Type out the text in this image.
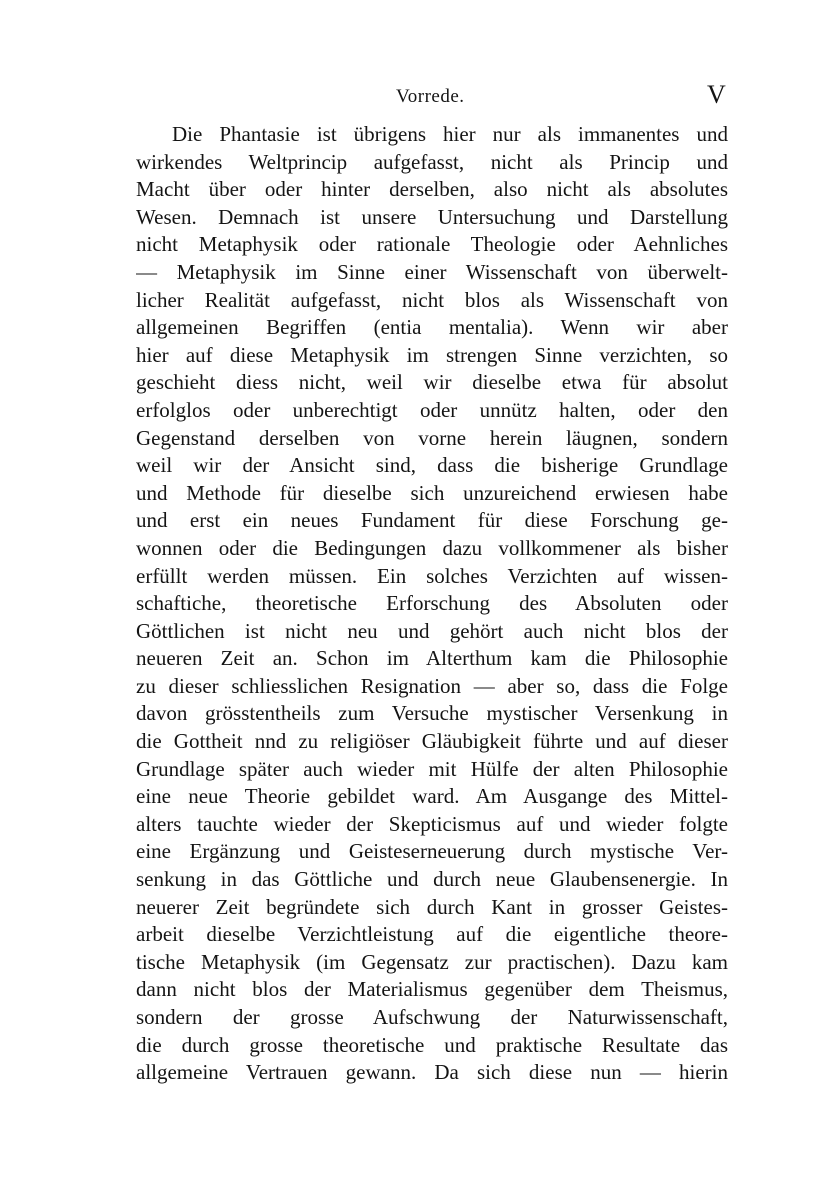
Vorrede.	V
Die Phantasie ist übrigens hier nur als immanentes und
wirkendes Weltprincip aufgefasst, nicht als Princip und
Macht über oder hinter derselben, also nicht als absolutes
Wesen. Demnach ist unsere Untersuchung und Darstellung
nicht Metaphysik oder rationale Theologie oder Aehnliches
— Metaphysik im Sinne einer Wissenschaft von überwelt-
licher Realität aufgefasst, nicht blos als Wissenschaft von
allgemeinen Begriffen (entia mentalia). Wenn wir aber
hier auf diese Metaphysik im strengen Sinne verzichten, so
geschieht diess nicht, weil wir dieselbe etwa für absolut
erfolglos oder unberechtigt oder unnütz halten, oder den
Gegenstand derselben von vorne herein läugnen, sondern
weil wir der Ansicht sind, dass die bisherige Grundlage
und Methode für dieselbe sich unzureichend erwiesen habe
und erst ein neues Fundament für diese Forschung ge-
wonnen oder die Bedingungen dazu vollkommener als bisher
erfüllt werden müssen. Ein solches Verzichten auf wissen-
schaftiche, theoretische Erforschung des Absoluten oder
Göttlichen ist nicht neu und gehört auch nicht blos der
neueren Zeit an. Schon im Alterthum kam die Philosophie
zu dieser schliesslichen Resignation — aber so, dass die Folge
davon grösstentheils zum Versuche mystischer Versenkung in
die Gottheit nnd zu religiöser Gläubigkeit führte und auf dieser
Grundlage später auch wieder mit Hülfe der alten Philosophie
eine neue Theorie gebildet ward. Am Ausgange des Mittel-
alters tauchte wieder der Skepticismus auf und wieder folgte
eine Ergänzung und Geisteserneuerung durch mystische Ver-
senkung in das Göttliche und durch neue Glaubensenergie. In
neuerer Zeit begründete sich durch Kant in grosser Geistes-
arbeit dieselbe Verzichtleistung auf die eigentliche theore-
tische Metaphysik (im Gegensatz zur practischen). Dazu kam
dann nicht blos der Materialismus gegenüber dem Theismus,
sondern der grosse Aufschwung der Naturwissenschaft,
die durch grosse theoretische und praktische Resultate das
allgemeine Vertrauen gewann. Da sich diese nun — hierin
